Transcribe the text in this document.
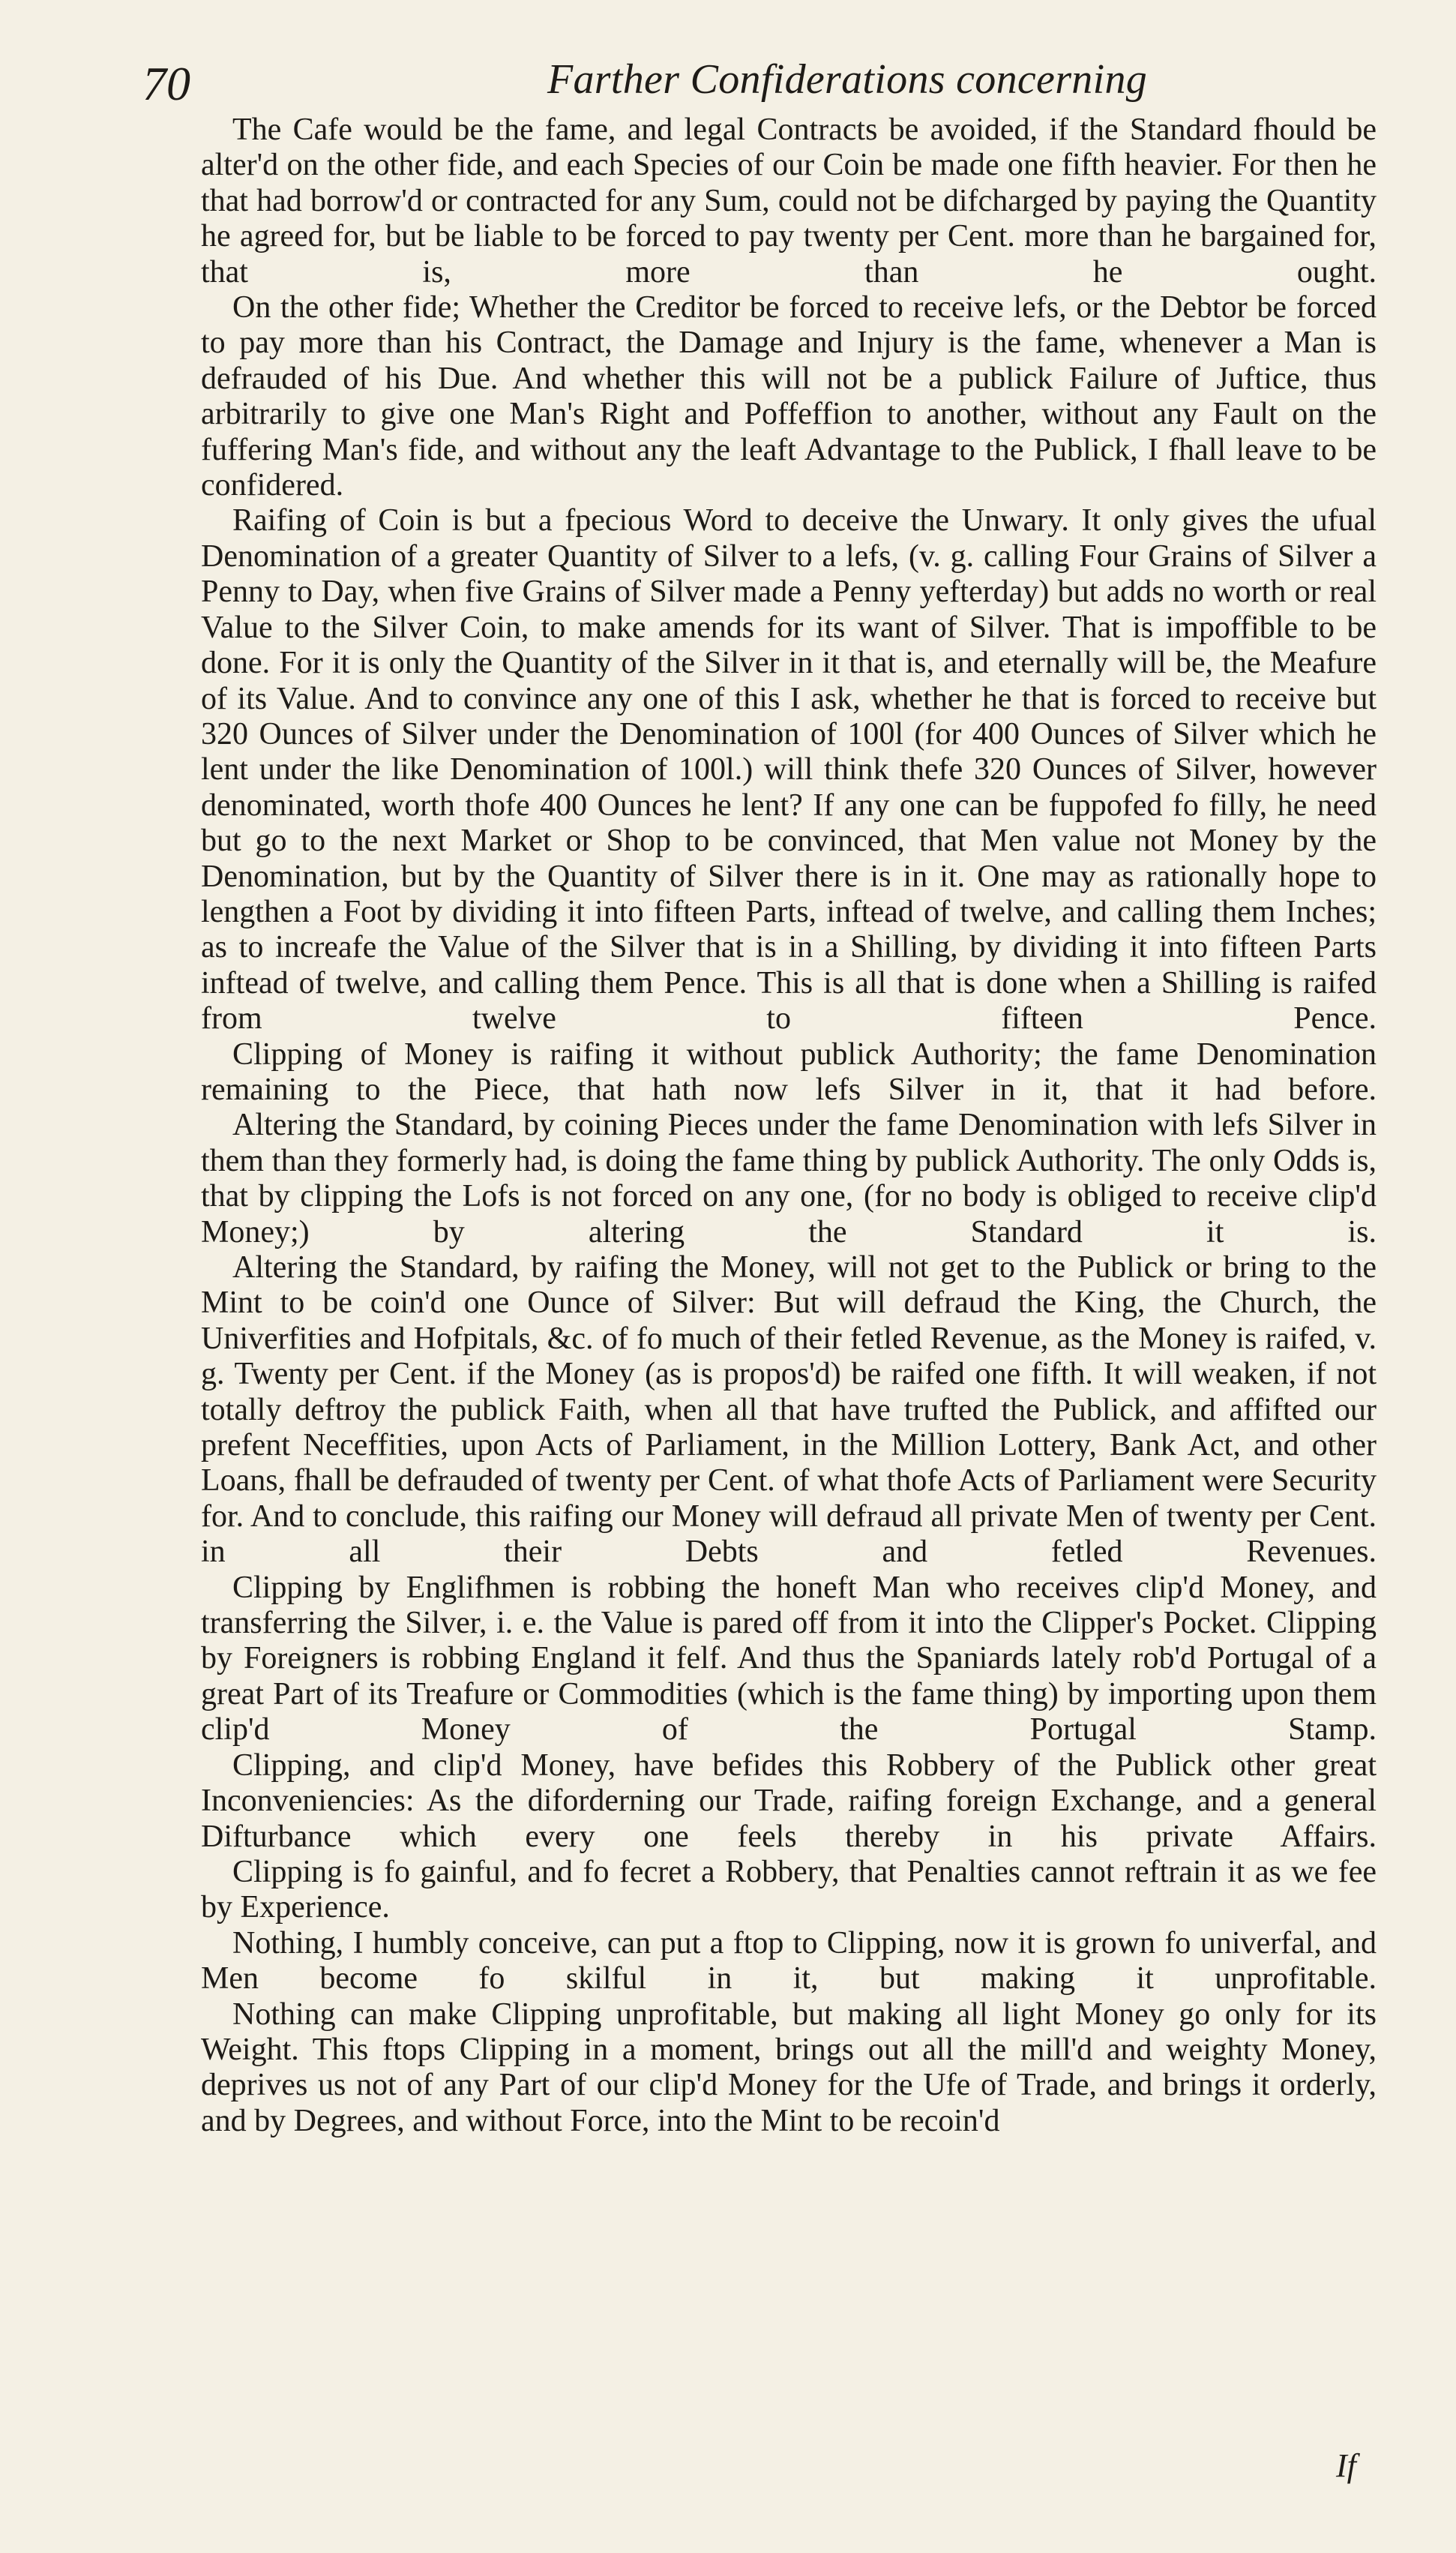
70	Farther Confiderations concerning

The Cafe would be the fame, and legal Contracts be avoided, if the Standard fhould be alter'd on the other fide, and each Species of our Coin be made one fifth heavier. For then he that had borrow'd or contracted for any Sum, could not be difcharged by paying the Quantity he agreed for, but be liable to be forced to pay twenty per Cent. more than he bargained for, that is, more than he ought.

On the other fide; Whether the Creditor be forced to receive lefs, or the Debtor be forced to pay more than his Contract, the Damage and Injury is the fame, whenever a Man is defrauded of his Due. And whether this will not be a publick Failure of Juftice, thus arbitrarily to give one Man's Right and Poffeffion to another, without any Fault on the fuffering Man's fide, and without any the leaft Advantage to the Publick, I fhall leave to be confidered.

Raifing of Coin is but a fpecious Word to deceive the Unwary. It only gives the ufual Denomination of a greater Quantity of Silver to a lefs, (v. g. calling Four Grains of Silver a Penny to Day, when five Grains of Silver made a Penny yefterday) but adds no worth or real Value to the Silver Coin, to make amends for its want of Silver. That is impoffible to be done. For it is only the Quantity of the Silver in it that is, and eternally will be, the Meafure of its Value. And to convince any one of this I ask, whether he that is forced to receive but 320 Ounces of Silver under the Denomination of 100l (for 400 Ounces of Silver which he lent under the like Denomination of 100l.) will think thefe 320 Ounces of Silver, however denominated, worth thofe 400 Ounces he lent? If any one can be fuppofed fo filly, he need but go to the next Market or Shop to be convinced, that Men value not Money by the Denomination, but by the Quantity of Silver there is in it. One may as rationally hope to lengthen a Foot by dividing it into fifteen Parts, inftead of twelve, and calling them Inches; as to increafe the Value of the Silver that is in a Shilling, by dividing it into fifteen Parts inftead of twelve, and calling them Pence. This is all that is done when a Shilling is raifed from twelve to fifteen Pence.

Clipping of Money is raifing it without publick Authority; the fame Denomination remaining to the Piece, that hath now lefs Silver in it, that it had before.

Altering the Standard, by coining Pieces under the fame Denomination with lefs Silver in them than they formerly had, is doing the fame thing by publick Authority. The only Odds is, that by clipping the Lofs is not forced on any one, (for no body is obliged to receive clip'd Money;) by altering the Standard it is.

Altering the Standard, by raifing the Money, will not get to the Publick or bring to the Mint to be coin'd one Ounce of Silver: But will defraud the King, the Church, the Univerfities and Hofpitals, &c. of fo much of their fetled Revenue, as the Money is raifed, v. g. Twenty per Cent. if the Money (as is propos'd) be raifed one fifth. It will weaken, if not totally deftroy the publick Faith, when all that have trufted the Publick, and affifted our prefent Neceffities, upon Acts of Parliament, in the Million Lottery, Bank Act, and other Loans, fhall be defrauded of twenty per Cent. of what thofe Acts of Parliament were Security for. And to conclude, this raifing our Money will defraud all private Men of twenty per Cent. in all their Debts and fetled Revenues.

Clipping by Englifhmen is robbing the honeft Man who receives clip'd Money, and transferring the Silver, i. e. the Value is pared off from it into the Clipper's Pocket. Clipping by Foreigners is robbing England it felf. And thus the Spaniards lately rob'd Portugal of a great Part of its Treafure or Commodities (which is the fame thing) by importing upon them clip'd Money of the Portugal Stamp.

Clipping, and clip'd Money, have befides this Robbery of the Publick other great Inconveniencies: As the diforderning our Trade, raifing foreign Exchange, and a general Difturbance which every one feels thereby in his private Affairs.

Clipping is fo gainful, and fo fecret a Robbery, that Penalties cannot reftrain it as we fee by Experience.

Nothing, I humbly conceive, can put a ftop to Clipping, now it is grown fo univerfal, and Men become fo skilful in it, but making it unprofitable.

Nothing can make Clipping unprofitable, but making all light Money go only for its Weight. This ftops Clipping in a moment, brings out all the mill'd and weighty Money, deprives us not of any Part of our clip'd Money for the Ufe of Trade, and brings it orderly, and by Degrees, and without Force, into the Mint to be recoin'd

If
